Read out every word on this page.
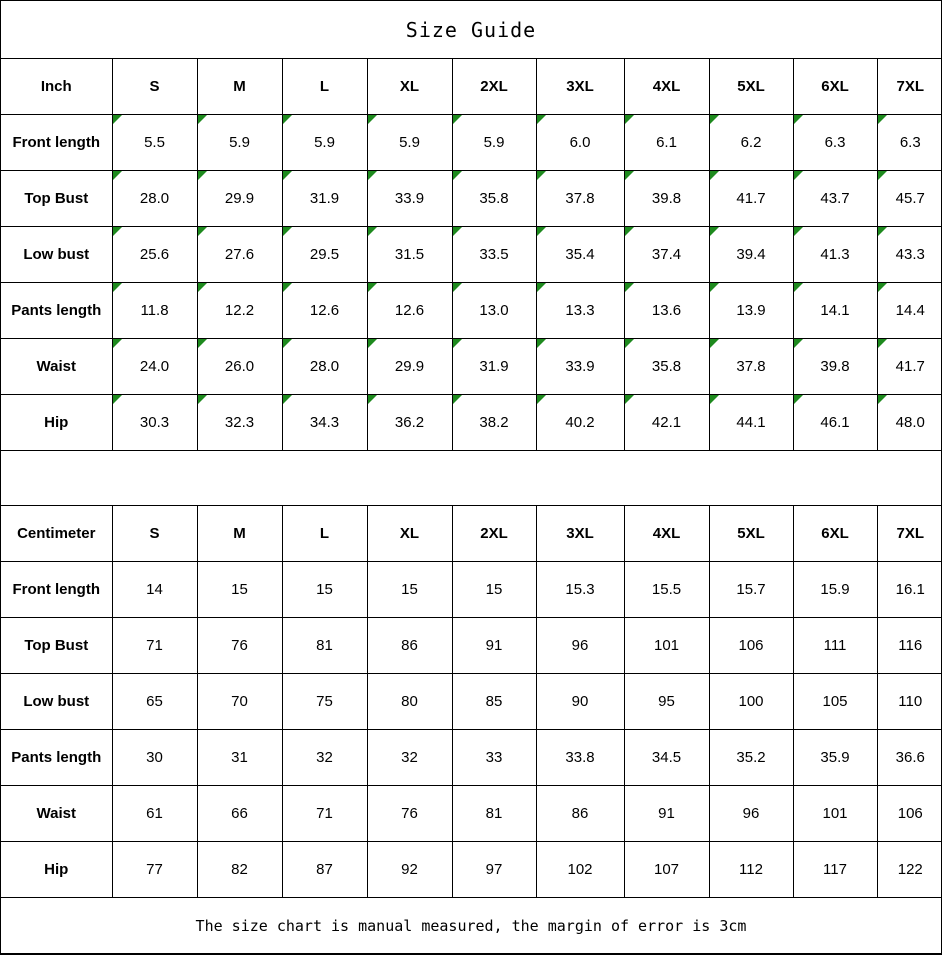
Size Guide
Inch	S	M	L	XL	2XL	3XL	4XL	5XL	6XL	7XL
Front length	5.5	5.9	5.9	5.9	5.9	6.0	6.1	6.2	6.3	6.3
Top Bust	28.0	29.9	31.9	33.9	35.8	37.8	39.8	41.7	43.7	45.7
Low bust	25.6	27.6	29.5	31.5	33.5	35.4	37.4	39.4	41.3	43.3
Pants length	11.8	12.2	12.6	12.6	13.0	13.3	13.6	13.9	14.1	14.4
Waist	24.0	26.0	28.0	29.9	31.9	33.9	35.8	37.8	39.8	41.7
Hip	30.3	32.3	34.3	36.2	38.2	40.2	42.1	44.1	46.1	48.0
Centimeter	S	M	L	XL	2XL	3XL	4XL	5XL	6XL	7XL
Front length	14	15	15	15	15	15.3	15.5	15.7	15.9	16.1
Top Bust	71	76	81	86	91	96	101	106	111	116
Low bust	65	70	75	80	85	90	95	100	105	110
Pants length	30	31	32	32	33	33.8	34.5	35.2	35.9	36.6
Waist	61	66	71	76	81	86	91	96	101	106
Hip	77	82	87	92	97	102	107	112	117	122
The size chart is manual measured, the margin of error is 3cm
